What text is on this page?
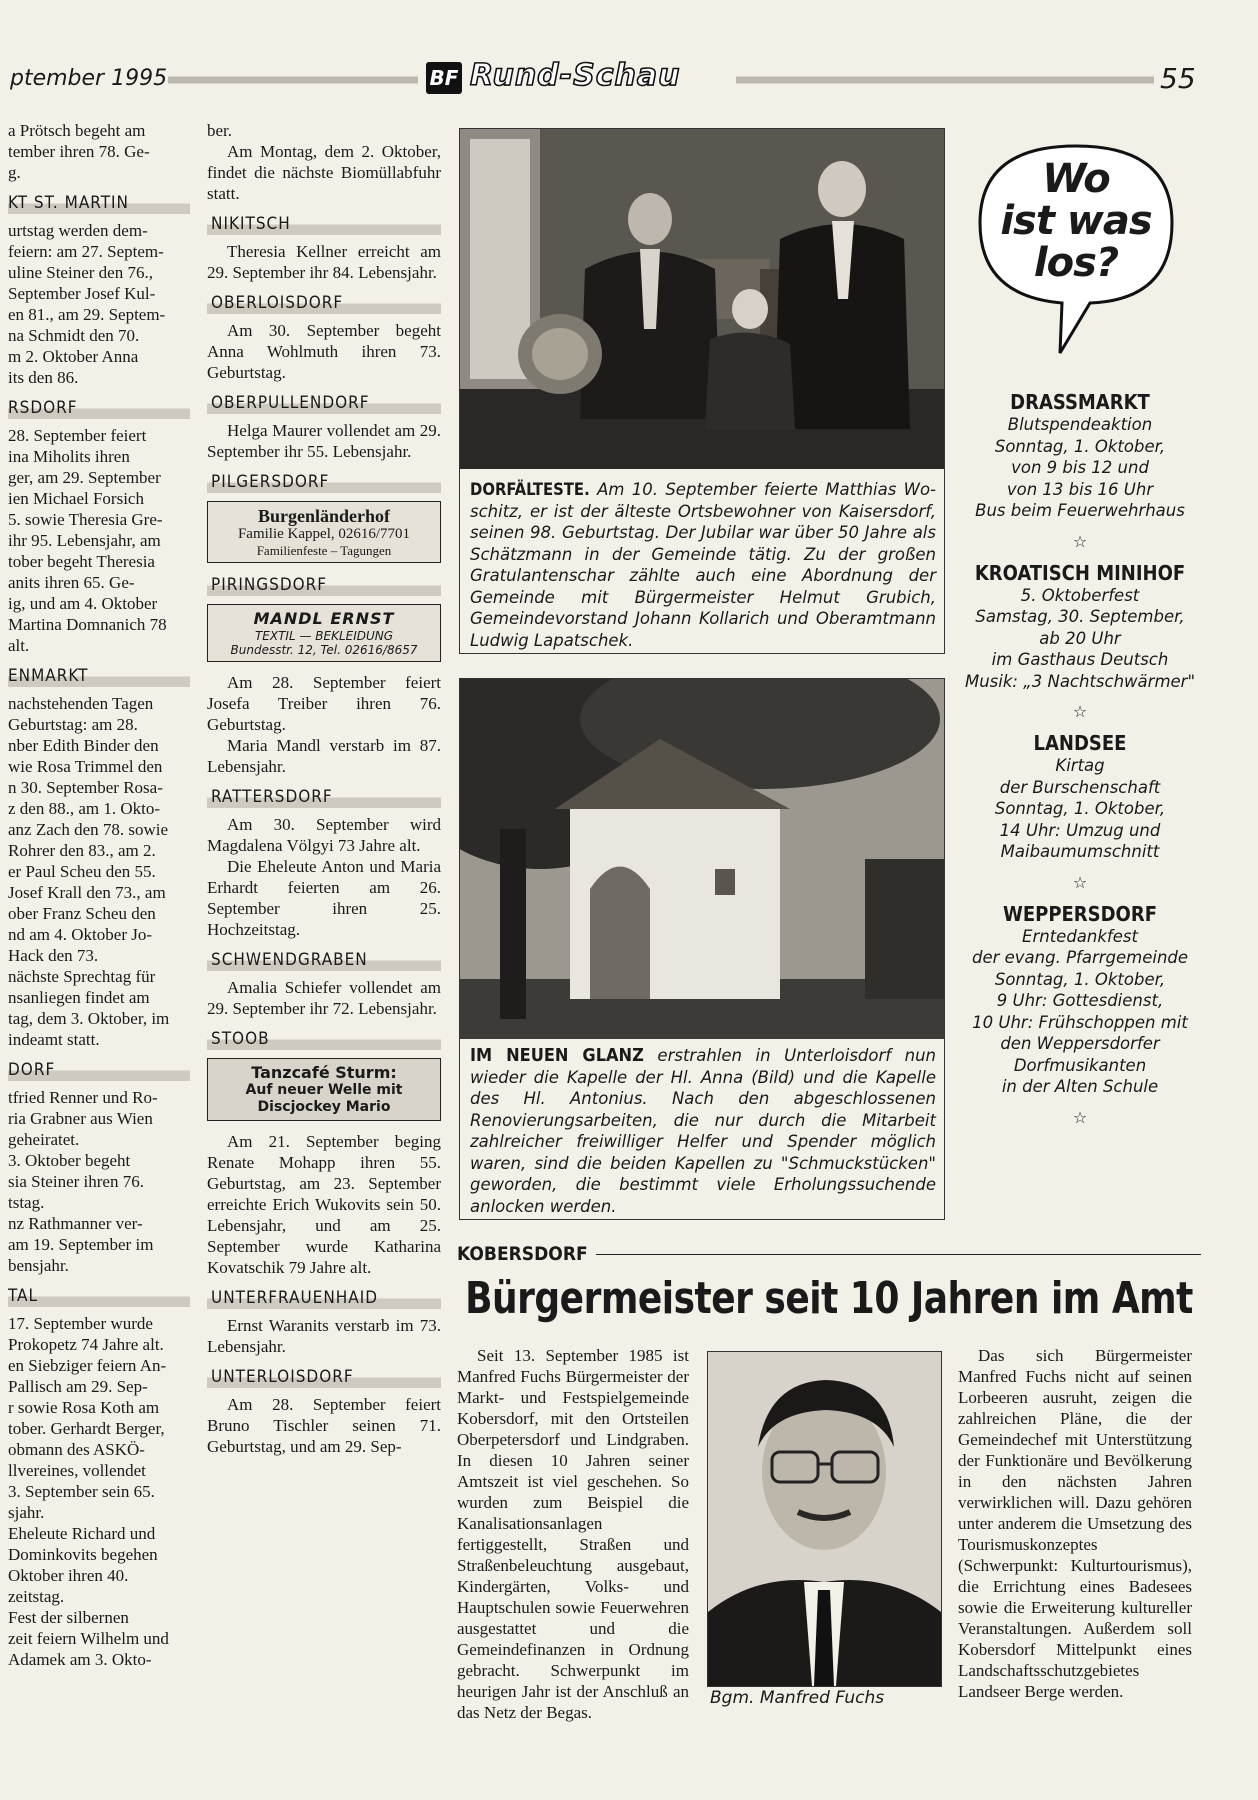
ptember 1995	BF Rund-Schau	55
a Prötsch begeht am
tember ihren 78. Ge-
g.
KT ST. MARTIN
urtstag werden dem-
feiern: am 27. Septem-
uline Steiner den 76.,
September Josef Kul-
en 81., am 29. Septem-
na Schmidt den 70.
m 2. Oktober Anna
its den 86.
RSDORF
28. September feiert
ina Miholits ihren
ger, am 29. September
ien Michael Forsich
5. sowie Theresia Gre-
ihr 95. Lebensjahr, am
tober begeht Theresia
anits ihren 65. Ge-
ig, und am 4. Oktober
Martina Domnanich 78
alt.
ENMARKT
nachstehenden Tagen
Geburtstag: am 28.
nber Edith Binder den
wie Rosa Trimmel den
n 30. September Rosa-
z den 88., am 1. Okto-
anz Zach den 78. sowie
Rohrer den 83., am 2.
er Paul Scheu den 55.
Josef Krall den 73., am
ober Franz Scheu den
nd am 4. Oktober Jo-
Hack den 73.
nächste Sprechtag für
nsanliegen findet am
tag, dem 3. Oktober, im
indeamt statt.
DORF
tfried Renner und Ro-
ria Grabner aus Wien
geheiratet.
3. Oktober begeht
sia Steiner ihren 76.
tstag.
nz Rathmanner ver-
am 19. September im
bensjahr.
TAL
17. September wurde
Prokopetz 74 Jahre alt.
en Siebziger feiern An-
Pallisch am 29. Sep-
r sowie Rosa Koth am
tober. Gerhardt Berger,
obmann des ASKÖ-
llvereines, vollendet
3. September sein 65.
sjahr.
Eheleute Richard und
Dominkovits begehen
Oktober ihren 40.
zeitstag.
Fest der silbernen
zeit feiern Wilhelm und
Adamek am 3. Okto-

ber.

Am Montag, dem 2. Oktober, findet die nächste Biomüllabfuhr statt.

NIKITSCH

Theresia Kellner erreicht am 29. September ihr 84. Lebensjahr.

OBERLOISDORF

Am 30. September begeht Anna Wohlmuth ihren 73. Geburtstag.

OBERPULLENDORF

Helga Maurer vollendet am 29. September ihr 55. Lebensjahr.

PILGERSDORF
Burgenländerhof
Familie Kappel, 02616/7701
Familienfeste – Tagungen
PIRINGSDORF
MANDL ERNST
TEXTIL — BEKLEIDUNG
Bundesstr. 12, Tel. 02616/8657

Am 28. September feiert Josefa Treiber ihren 76. Geburtstag.

Maria Mandl verstarb im 87. Lebensjahr.

RATTERSDORF

Am 30. September wird Magdalena Völgyi 73 Jahre alt.

Die Eheleute Anton und Maria Erhardt feierten am 26. September ihren 25. Hochzeitstag.

SCHWENDGRABEN

Amalia Schiefer vollendet am 29. September ihr 72. Lebensjahr.

STOOB
Tanzcafé Sturm:
Auf neuer Welle mit
Discjockey Mario

Am 21. September beging Renate Mohapp ihren 55. Geburtstag, am 23. September erreichte Erich Wukovits sein 50. Lebensjahr, und am 25. September wurde Katharina Kovatschik 79 Jahre alt.

UNTERFRAUENHAID

Ernst Waranits verstarb im 73. Lebensjahr.

UNTERLOISDORF

Am 28. September feiert Bruno Tischler seinen 71. Geburtstag, und am 29. Sep-

DORFÄLTESTE. Am 10. September feierte Matthias Wo-schitz, er ist der älteste Ortsbewohner von Kaisersdorf, seinen 98. Geburtstag. Der Jubilar war über 50 Jahre als Schätzmann in der Gemeinde tätig. Zu der großen Gratulantenschar zählte auch eine Abordnung der Gemeinde mit Bürgermeister Helmut Grubich, Gemeindevorstand Johann Kollarich und Oberamtmann Ludwig Lapatschek.
IM NEUEN GLANZ erstrahlen in Unterloisdorf nun wieder die Kapelle der Hl. Anna (Bild) und die Kapelle des Hl. Antonius. Nach den abgeschlossenen Renovierungsarbeiten, die nur durch die Mitarbeit zahlreicher freiwilliger Helfer und Spender möglich waren, sind die beiden Kapellen zu "Schmuckstücken" geworden, die bestimmt viele Erholungssuchende anlocken werden.
Wo
ist was
los?
DRASSMARKT

Blutspendeaktion

Sonntag, 1. Oktober,

von 9 bis 12 und

von 13 bis 16 Uhr

Bus beim Feuerwehrhaus

☆
KROATISCH MINIHOF

5. Oktoberfest

Samstag, 30. September,

ab 20 Uhr

im Gasthaus Deutsch

Musik: „3 Nachtschwärmer"

☆
LANDSEE

Kirtag

der Burschenschaft

Sonntag, 1. Oktober,

14 Uhr: Umzug und

Maibaumumschnitt

☆
WEPPERSDORF

Erntedankfest

der evang. Pfarrgemeinde

Sonntag, 1. Oktober,

9 Uhr: Gottesdienst,

10 Uhr: Frühschoppen mit

den Weppersdorfer

Dorfmusikanten

in der Alten Schule

☆
KOBERSDORF
Bürgermeister seit 10 Jahren im Amt

Seit 13. September 1985 ist Manfred Fuchs Bürgermeister der Markt- und Festspielgemeinde Kobersdorf, mit den Ortsteilen Oberpetersdorf und Lindgraben. In diesen 10 Jahren seiner Amtszeit ist viel geschehen. So wurden zum Beispiel die Kanalisationsanlagen fertiggestellt, Straßen und Straßenbeleuchtung ausgebaut, Kindergärten, Volks- und Hauptschulen sowie Feuerwehren ausgestattet und die Gemeindefinanzen in Ordnung gebracht. Schwerpunkt im heurigen Jahr ist der Anschluß an das Netz der Begas.

Bgm. Manfred Fuchs

Das sich Bürgermeister Manfred Fuchs nicht auf seinen Lorbeeren ausruht, zeigen die zahlreichen Pläne, die der Gemeindechef mit Unterstützung der Funktionäre und Bevölkerung in den nächsten Jahren verwirklichen will. Dazu gehören unter anderem die Umsetzung des Tourismuskonzeptes (Schwerpunkt: Kulturtourismus), die Errichtung eines Badesees sowie die Erweiterung kultureller Veranstaltungen. Außerdem soll Kobersdorf Mittelpunkt eines Landschaftsschutzgebietes Landseer Berge werden.
